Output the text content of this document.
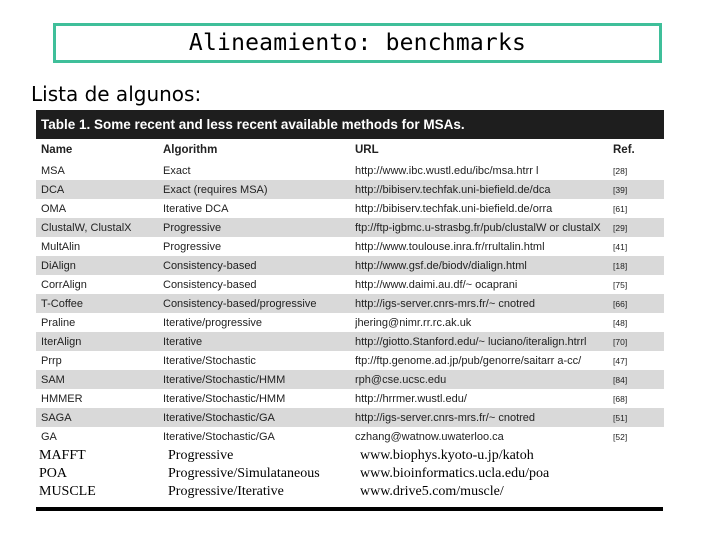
Alineamiento: benchmarks
Lista de algunos:
Table 1. Some recent and less recent available methods for MSAs.
Name	Algorithm	URL	Ref.
MSA	Exact	http://www.ibc.wustl.edu/ibc/msa.htrr l	[28]
DCA	Exact (requires MSA)	http://bibiserv.techfak.uni-biefield.de/dca	[39]
OMA	Iterative DCA	http://bibiserv.techfak.uni-biefield.de/orra	[61]
ClustalW, ClustalX	Progressive	ftp://ftp-igbmc.u-strasbg.fr/pub/clustalW or clustalX	[29]
MultAlin	Progressive	http://www.toulouse.inra.fr/rrultalin.html	[41]
DiAlign	Consistency-based	http://www.gsf.de/biodv/dialign.html	[18]
CorrAlign	Consistency-based	http://www.daimi.au.df/~ ocaprani	[75]
T-Coffee	Consistency-based/progressive	http://igs-server.cnrs-mrs.fr/~ cnotred	[66]
Praline	Iterative/progressive	jhering@nimr.rr.rc.ak.uk	[48]
IterAlign	Iterative	http://giotto.Stanford.edu/~ luciano/iteralign.htrrl	[70]
Prrp	Iterative/Stochastic	ftp://ftp.genome.ad.jp/pub/genorre/saitarr a-cc/	[47]
SAM	Iterative/Stochastic/HMM	rph@cse.ucsc.edu	[84]
HMMER	Iterative/Stochastic/HMM	http://hrrmer.wustl.edu/	[68]
SAGA	Iterative/Stochastic/GA	http://igs-server.cnrs-mrs.fr/~ cnotred	[51]
GA	Iterative/Stochastic/GA	czhang@watnow.uwaterloo.ca	[52]
MAFFT	Progressive	www.biophys.kyoto-u.jp/katoh
POA	Progressive/Simulataneous	www.bioinformatics.ucla.edu/poa
MUSCLE	Progressive/Iterative	www.drive5.com/muscle/
